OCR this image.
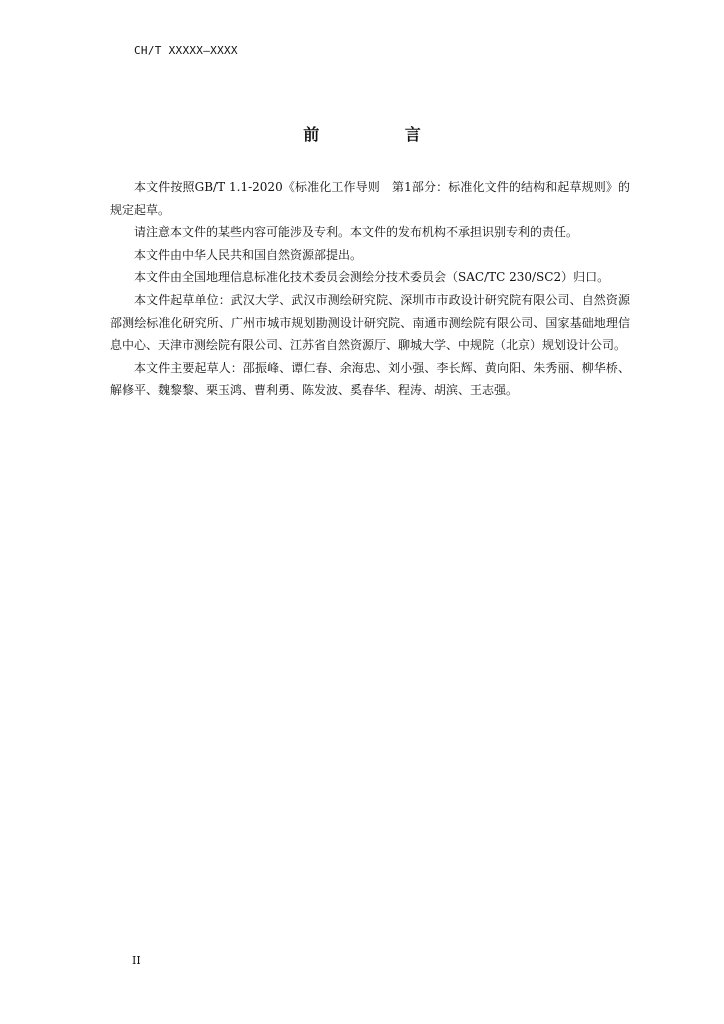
CH/T XXXXX—XXXX
前 言

本文件按照GB/T 1.1-2020《标准化工作导则　第1部分：标准化文件的结构和起草规则》的规定起草。

请注意本文件的某些内容可能涉及专利。本文件的发布机构不承担识别专利的责任。

本文件由中华人民共和国自然资源部提出。

本文件由全国地理信息标准化技术委员会测绘分技术委员会（SAC/TC 230/SC2）归口。

本文件起草单位：武汉大学、武汉市测绘研究院、深圳市市政设计研究院有限公司、自然资源部测绘标准化研究所、广州市城市规划勘测设计研究院、南通市测绘院有限公司、国家基础地理信息中心、天津市测绘院有限公司、江苏省自然资源厅、聊城大学、中规院（北京）规划设计公司。

本文件主要起草人：邵振峰、谭仁春、余海忠、刘小强、李长辉、黄向阳、朱秀丽、柳华桥、解修平、魏黎黎、栗玉鸿、曹利勇、陈发波、奚春华、程涛、胡滨、王志强。

II
